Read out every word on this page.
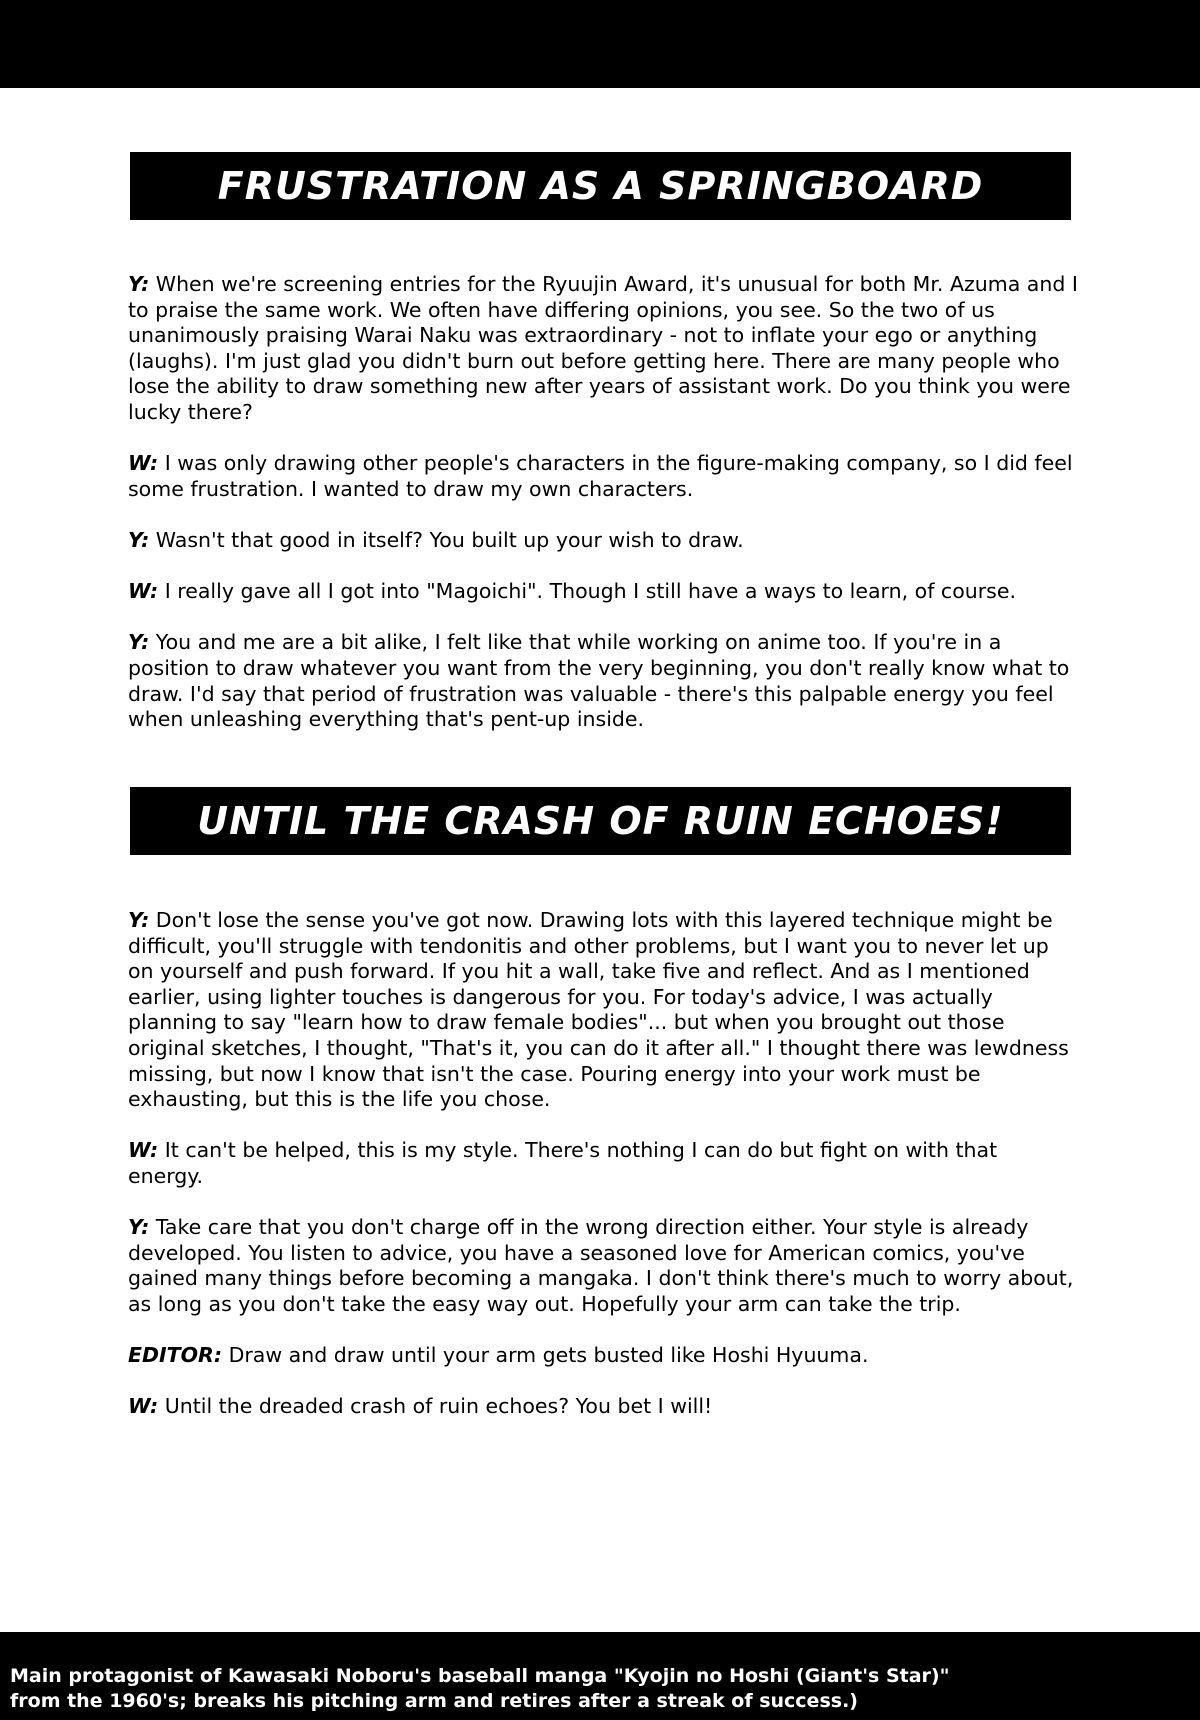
FRUSTRATION AS A SPRINGBOARD

Y: When we're screening entries for the Ryuujin Award, it's unusual for both Mr. Azuma and I to praise the same work. We often have differing opinions, you see. So the two of us unanimously praising Warai Naku was extraordinary - not to inflate your ego or anything (laughs). I'm just glad you didn't burn out before getting here. There are many people who lose the ability to draw something new after years of assistant work. Do you think you were lucky there?

W: I was only drawing other people's characters in the figure-making company, so I did feel some frustration. I wanted to draw my own characters.

Y: Wasn't that good in itself? You built up your wish to draw.

W: I really gave all I got into "Magoichi". Though I still have a ways to learn, of course.

Y: You and me are a bit alike, I felt like that while working on anime too. If you're in a position to draw whatever you want from the very beginning, you don't really know what to draw. I'd say that period of frustration was valuable - there's this palpable energy you feel when unleashing everything that's pent-up inside.

UNTIL THE CRASH OF RUIN ECHOES!

Y: Don't lose the sense you've got now. Drawing lots with this layered technique might be difficult, you'll struggle with tendonitis and other problems, but I want you to never let up on yourself and push forward. If you hit a wall, take five and reflect. And as I mentioned earlier, using lighter touches is dangerous for you. For today's advice, I was actually planning to say "learn how to draw female bodies"... but when you brought out those original sketches, I thought, "That's it, you can do it after all." I thought there was lewdness missing, but now I know that isn't the case. Pouring energy into your work must be exhausting, but this is the life you chose.

W: It can't be helped, this is my style. There's nothing I can do but fight on with that energy.

Y: Take care that you don't charge off in the wrong direction either. Your style is already developed. You listen to advice, you have a seasoned love for American comics, you've gained many things before becoming a mangaka. I don't think there's much to worry about, as long as you don't take the easy way out. Hopefully your arm can take the trip.

EDITOR: Draw and draw until your arm gets busted like Hoshi Hyuuma.

W: Until the dreaded crash of ruin echoes? You bet I will!

Main protagonist of Kawasaki Noboru's baseball manga "Kyojin no Hoshi (Giant's Star)"
from the 1960's; breaks his pitching arm and retires after a streak of success.)
